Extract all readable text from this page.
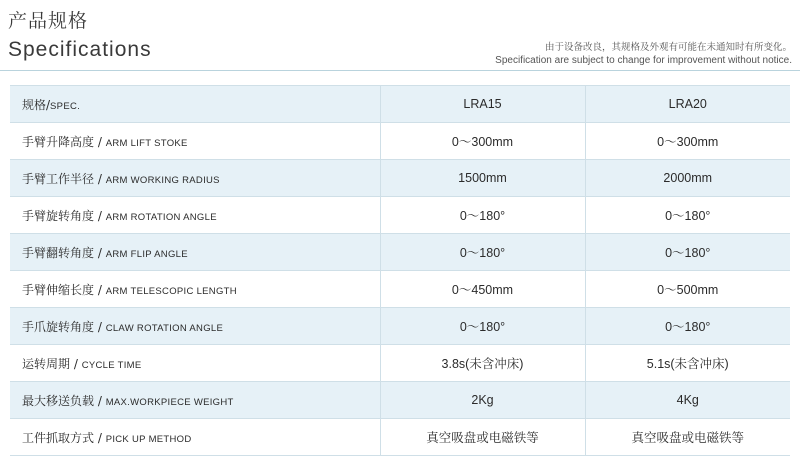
产品规格
Specifications	由于设备改良，其规格及外观有可能在未通知时有所变化。
Specification are subject to change for improvement without notice.
规格/SPEC.	LRA15	LRA20
手臂升降高度 / ARM LIFT STOKE	0～300mm	0～300mm
手臂工作半径 / ARM WORKING RADIUS	1500mm	2000mm
手臂旋转角度 / ARM ROTATION ANGLE	0～180°	0～180°
手臂翻转角度 / ARM FLIP ANGLE	0～180°	0～180°
手臂伸缩长度 / ARM TELESCOPIC LENGTH	0～450mm	0～500mm
手爪旋转角度 / CLAW ROTATION ANGLE	0～180°	0～180°
运转周期 / CYCLE TIME	3.8s(未含冲床)	5.1s(未含冲床)
最大移送负载 / MAX.WORKPIECE WEIGHT	2Kg	4Kg
工件抓取方式 / PICK UP METHOD	真空吸盘或电磁铁等	真空吸盘或电磁铁等
